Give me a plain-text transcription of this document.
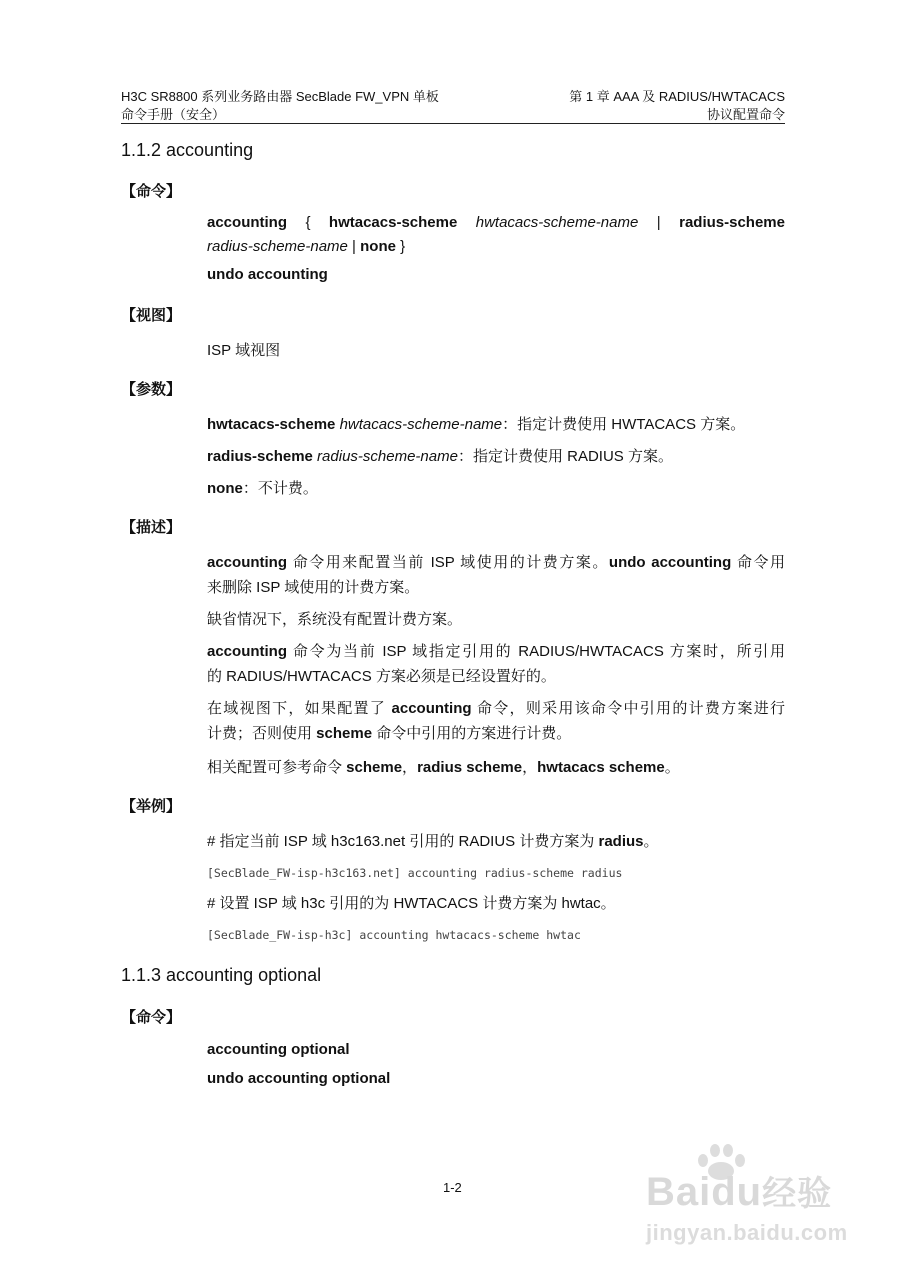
H3C SR8800 系列业务路由器 SecBlade FW_VPN 单板
命令手册（安全）
第 1 章 AAA 及 RADIUS/HWTACACS
协议配置命令
1.1.2 accounting
【命令】
accounting { hwtacacs-scheme hwtacacs-scheme-name | radius-scheme
radius-scheme-name | none }
undo accounting
【视图】
ISP 域视图
【参数】
hwtacacs-scheme hwtacacs-scheme-name：指定计费使用 HWTACACS 方案。
radius-scheme radius-scheme-name：指定计费使用 RADIUS 方案。
none：不计费。
【描述】
accounting 命令用来配置当前 ISP 域使用的计费方案。undo accounting 命令用
来删除 ISP 域使用的计费方案。
缺省情况下，系统没有配置计费方案。
accounting 命令为当前 ISP 域指定引用的 RADIUS/HWTACACS 方案时，所引用
的 RADIUS/HWTACACS 方案必须是已经设置好的。
在域视图下，如果配置了 accounting 命令，则采用该命令中引用的计费方案进行
计费；否则使用 scheme 命令中引用的方案进行计费。
相关配置可参考命令 scheme，radius scheme，hwtacacs scheme。
【举例】
# 指定当前 ISP 域 h3c163.net 引用的 RADIUS 计费方案为 radius。
[SecBlade_FW-isp-h3c163.net] accounting radius-scheme radius
# 设置 ISP 域 h3c 引用的为 HWTACACS 计费方案为 hwtac。
[SecBlade_FW-isp-h3c] accounting hwtacacs-scheme hwtac
1.1.3 accounting optional
【命令】
accounting optional
undo accounting optional
1-2	Baidu经验
jingyan.baidu.com
